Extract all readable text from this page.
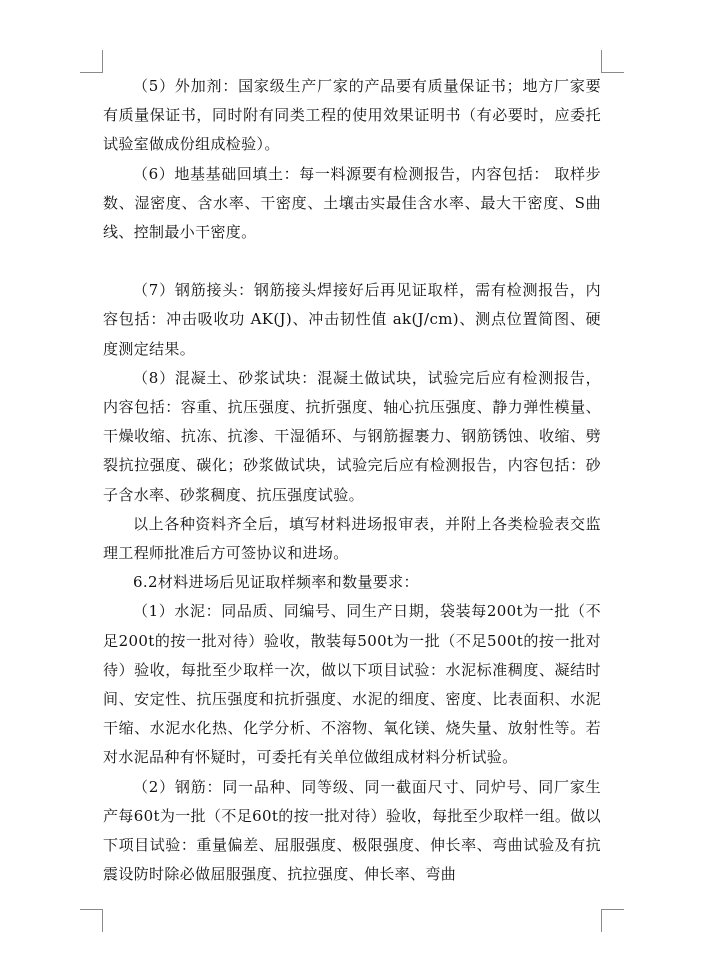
（5）外加剂：国家级生产厂家的产品要有质量保证书；地方厂家要有质量保证书，同时附有同类工程的使用效果证明书（有必要时，应委托试验室做成份组成检验）。

（6）地基基础回填土：每一料源要有检测报告，内容包括： 取样步数、湿密度、含水率、干密度、土壤击实最佳含水率、最大干密度、S曲线、控制最小干密度。

（7）钢筋接头：钢筋接头焊接好后再见证取样，需有检测报告，内容包括：冲击吸收功 AK(J)、冲击韧性值 ak(J/cm)、测点位置简图、硬度测定结果。

（8）混凝土、砂浆试块：混凝土做试块，试验完后应有检测报告，内容包括：容重、抗压强度、抗折强度、轴心抗压强度、静力弹性模量、干燥收缩、抗冻、抗渗、干湿循环、与钢筋握裹力、钢筋锈蚀、收缩、劈裂抗拉强度、碳化；砂浆做试块，试验完后应有检测报告，内容包括：砂子含水率、砂浆稠度、抗压强度试验。

以上各种资料齐全后，填写材料进场报审表，并附上各类检验表交监理工程师批准后方可签协议和进场。

6.2材料进场后见证取样频率和数量要求：

（1）水泥：同品质、同编号、同生产日期，袋装每200t为一批（不足200t的按一批对待）验收，散装每500t为一批（不足500t的按一批对待）验收，每批至少取样一次，做以下项目试验：水泥标准稠度、凝结时间、安定性、抗压强度和抗折强度、水泥的细度、密度、比表面积、水泥干缩、水泥水化热、化学分析、不溶物、氧化镁、烧失量、放射性等。若对水泥品种有怀疑时，可委托有关单位做组成材料分析试验。

（2）钢筋：同一品种、同等级、同一截面尺寸、同炉号、同厂家生产每60t为一批（不足60t的按一批对待）验收，每批至少取样一组。做以下项目试验：重量偏差、屈服强度、极限强度、伸长率、弯曲试验及有抗震设防时除必做屈服强度、抗拉强度、伸长率、弯曲
